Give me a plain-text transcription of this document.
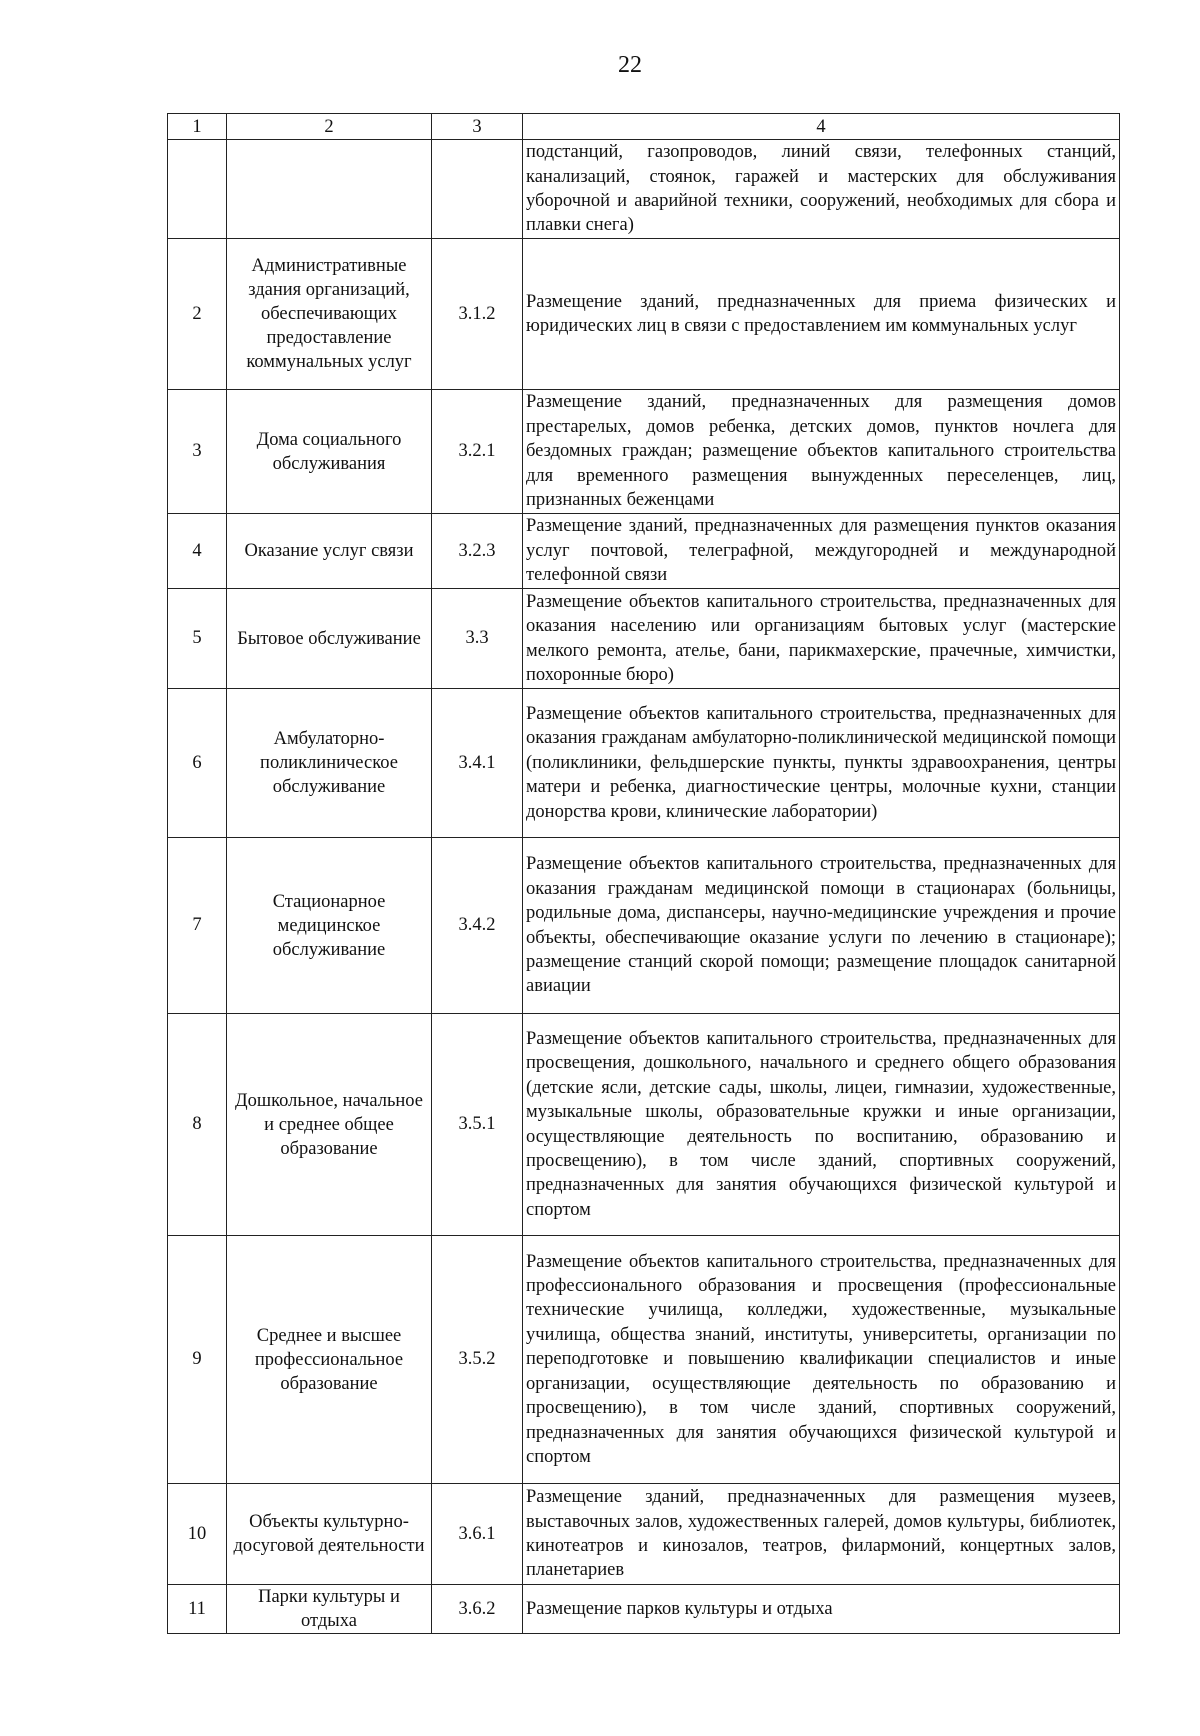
22
1	2	3	4
			подстанций, газопроводов, линий связи, телефонных станций, канализаций, стоянок, гаражей и мастерских для обслуживания уборочной и аварийной техники, сооружений, необходимых для сбора и плавки снега)
2	Административные здания организаций, обеспечивающих предоставление коммунальных услуг	3.1.2	Размещение зданий, предназначенных для приема физических и юридических лиц в связи с предоставлением им коммунальных услуг
3	Дома социального обслуживания	3.2.1	Размещение зданий, предназначенных для размещения домов престарелых, домов ребенка, детских домов, пунктов ночлега для бездомных граждан; размещение объектов капитального строительства для временного размещения вынужденных переселенцев, лиц, признанных беженцами
4	Оказание услуг связи	3.2.3	Размещение зданий, предназначенных для размещения пунктов оказания услуг почтовой, телеграфной, междугородней и международной телефонной связи
5	Бытовое обслуживание	3.3	Размещение объектов капитального строительства, предназначенных для оказания населению или организациям бытовых услуг (мастерские мелкого ремонта, ателье, бани, парикмахерские, прачечные, химчистки, похоронные бюро)
6	Амбулаторно-поликлиническое обслуживание	3.4.1	Размещение объектов капитального строительства, предназначенных для оказания гражданам амбулаторно-поликлинической медицинской помощи (поликлиники, фельдшерские пункты, пункты здравоохранения, центры матери и ребенка, диагностические центры, молочные кухни, станции донорства крови, клинические лаборатории)
7	Стационарное медицинское обслуживание	3.4.2	Размещение объектов капитального строительства, предназначенных для оказания гражданам медицинской помощи в стационарах (больницы, родильные дома, диспансеры, научно-медицинские учреждения и прочие объекты, обеспечивающие оказание услуги по лечению в стационаре); размещение станций скорой помощи; размещение площадок санитарной авиации
8	Дошкольное, начальное и среднее общее образование	3.5.1	Размещение объектов капитального строительства, предназначенных для просвещения, дошкольного, начального и среднего общего образования (детские ясли, детские сады, школы, лицеи, гимназии, художественные, музыкальные школы, образовательные кружки и иные организации, осуществляющие деятельность по воспитанию, образованию и просвещению), в том числе зданий, спортивных сооружений, предназначенных для занятия обучающихся физической культурой и спортом
9	Среднее и высшее профессиональное образование	3.5.2	Размещение объектов капитального строительства, предназначенных для профессионального образования и просвещения (профессиональные технические училища, колледжи, художественные, музыкальные училища, общества знаний, институты, университеты, организации по переподготовке и повышению квалификации специалистов и иные организации, осуществляющие деятельность по образованию и просвещению), в том числе зданий, спортивных сооружений, предназначенных для занятия обучающихся физической культурой и спортом
10	Объекты культурно-досуговой деятельности	3.6.1	Размещение зданий, предназначенных для размещения музеев, выставочных залов, художественных галерей, домов культуры, библиотек, кинотеатров и кинозалов, театров, филармоний, концертных залов, планетариев
11	Парки культуры и отдыха	3.6.2	Размещение парков культуры и отдыха
